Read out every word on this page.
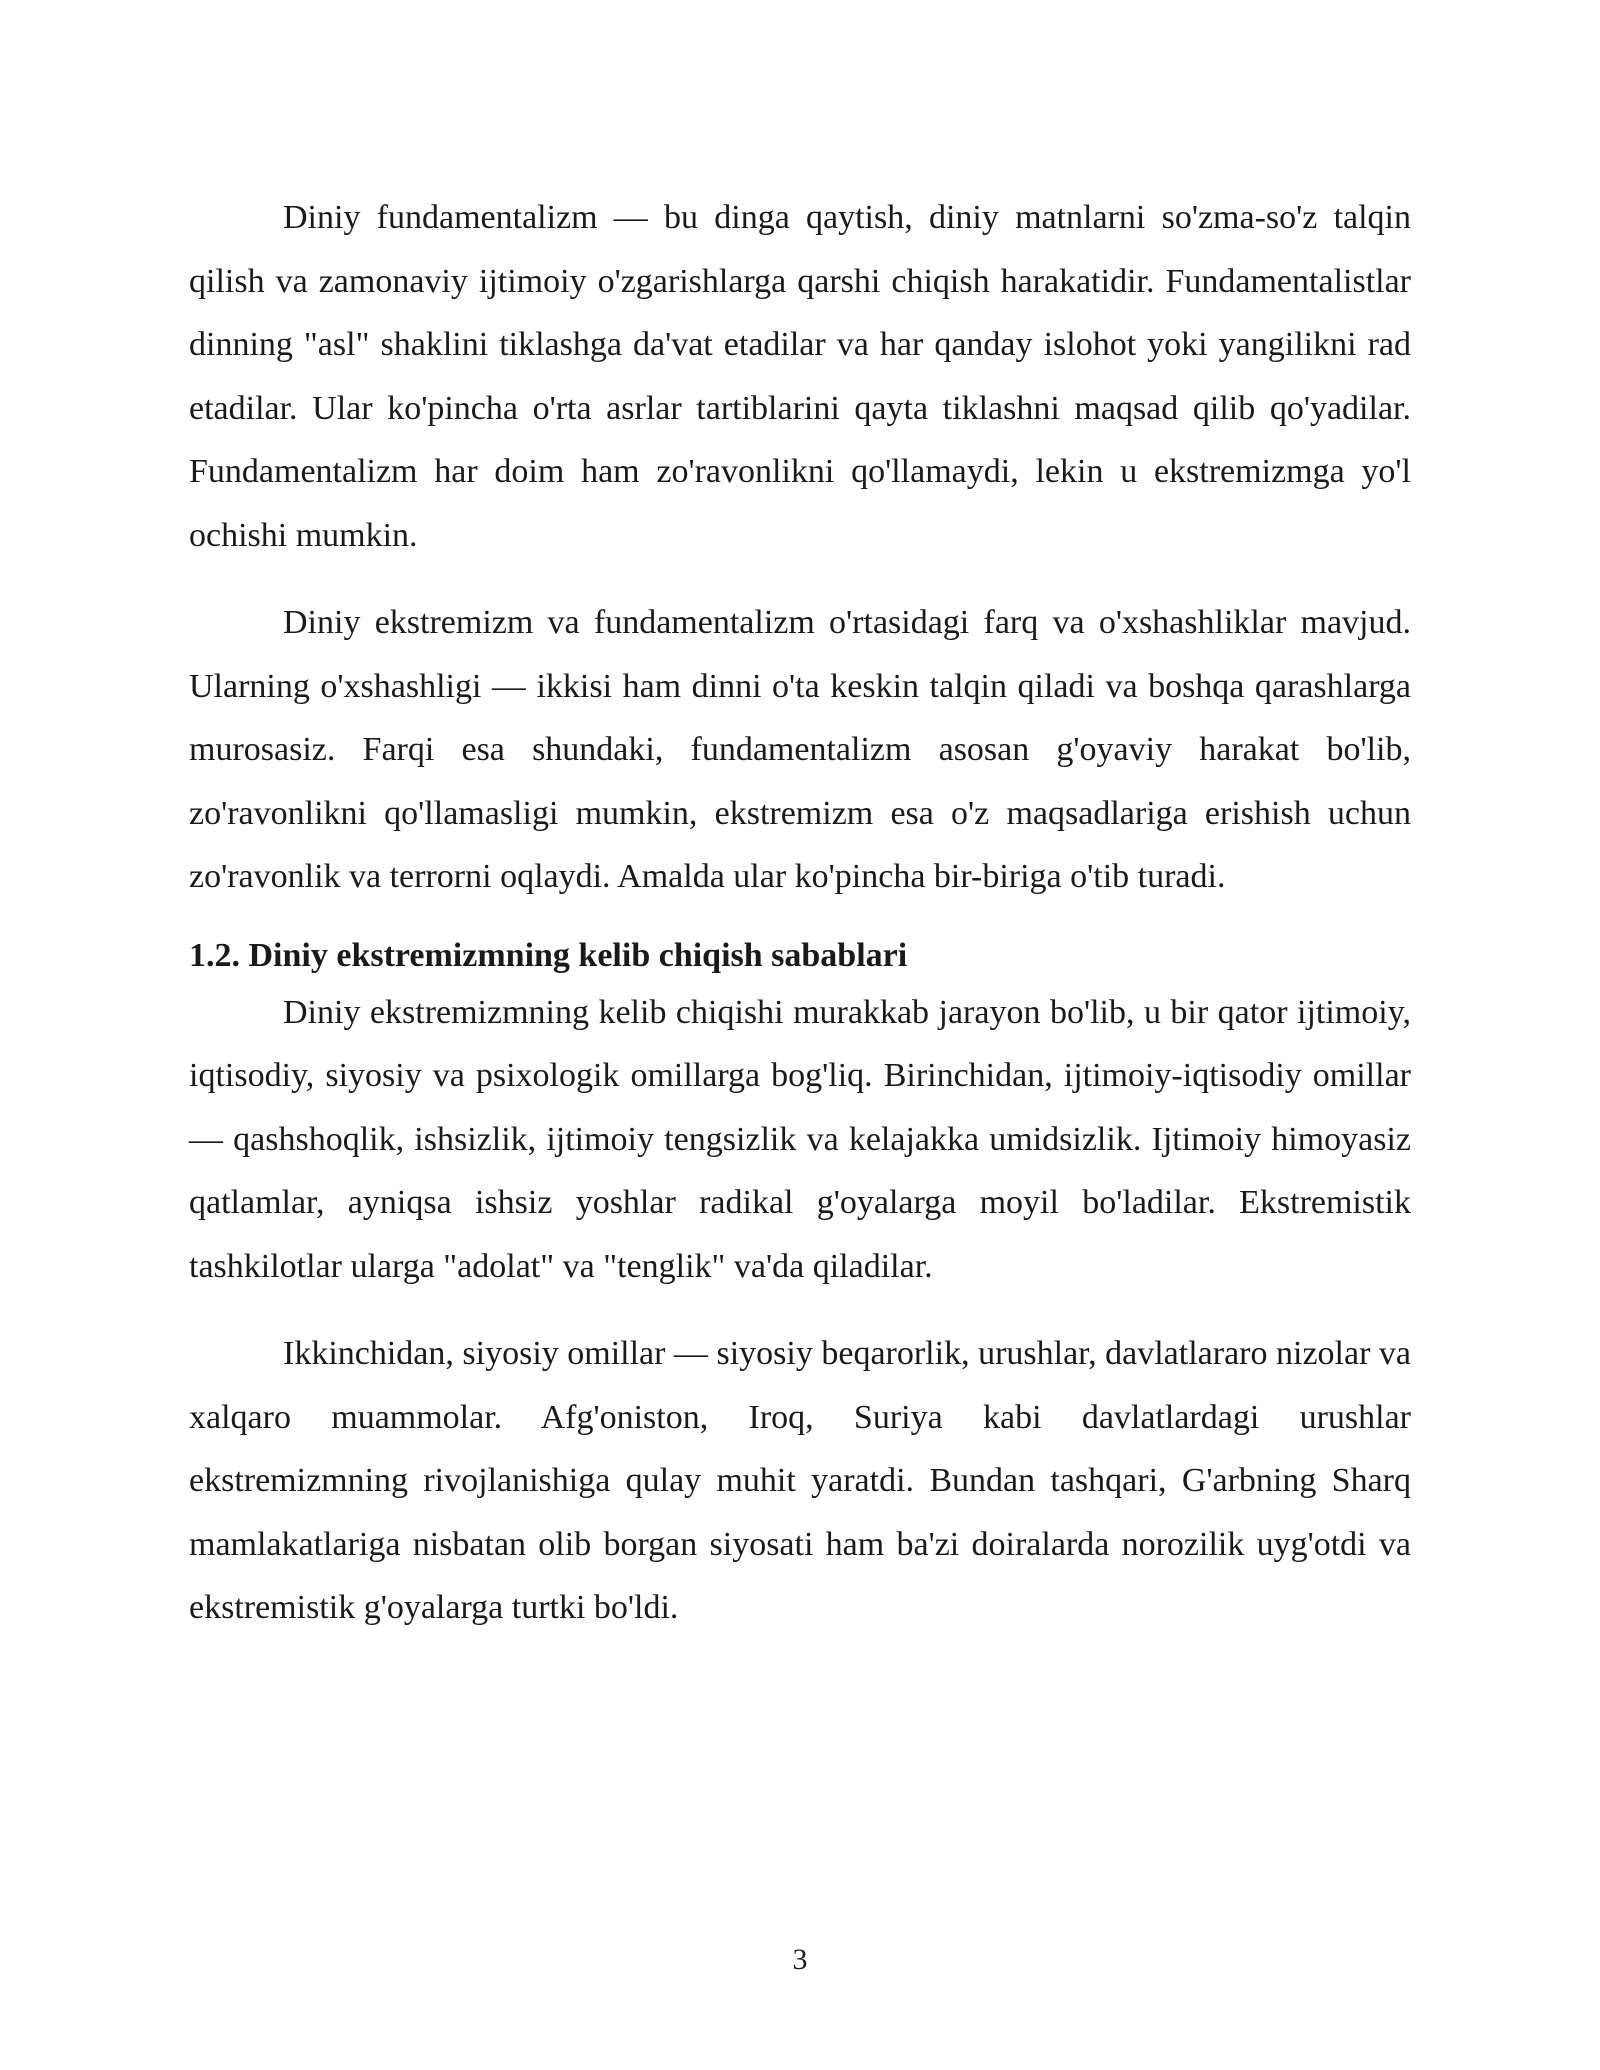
Diniy fundamentalizm — bu dinga qaytish, diniy matnlarni so'zma-so'z talqin qilish va zamonaviy ijtimoiy o'zgarishlarga qarshi chiqish harakatidir. Fundamentalistlar dinning "asl" shaklini tiklashga da'vat etadilar va har qanday islohot yoki yangilikni rad etadilar. Ular ko'pincha o'rta asrlar tartiblarini qayta tiklashni maqsad qilib qo'yadilar. Fundamentalizm har doim ham zo'ravonlikni qo'llamaydi, lekin u ekstremizmga yo'l ochishi mumkin.

Diniy ekstremizm va fundamentalizm o'rtasidagi farq va o'xshashliklar mavjud. Ularning o'xshashligi — ikkisi ham dinni o'ta keskin talqin qiladi va boshqa qarashlarga murosasiz. Farqi esa shundaki, fundamentalizm asosan g'oyaviy harakat bo'lib, zo'ravonlikni qo'llamasligi mumkin, ekstremizm esa o'z maqsadlariga erishish uchun zo'ravonlik va terrorni oqlaydi. Amalda ular ko'pincha bir-biriga o'tib turadi.

1.2. Diniy ekstremizmning kelib chiqish sabablari

Diniy ekstremizmning kelib chiqishi murakkab jarayon bo'lib, u bir qator ijtimoiy, iqtisodiy, siyosiy va psixologik omillarga bog'liq. Birinchidan, ijtimoiy-iqtisodiy omillar — qashshoqlik, ishsizlik, ijtimoiy tengsizlik va kelajakka umidsizlik. Ijtimoiy himoyasiz qatlamlar, ayniqsa ishsiz yoshlar radikal g'oyalarga moyil bo'ladilar. Ekstremistik tashkilotlar ularga "adolat" va "tenglik" va'da qiladilar.

Ikkinchidan, siyosiy omillar — siyosiy beqarorlik, urushlar, davlatlararo nizolar va xalqaro muammolar. Afg'oniston, Iroq, Suriya kabi davlatlardagi urushlar ekstremizmning rivojlanishiga qulay muhit yaratdi. Bundan tashqari, G'arbning Sharq mamlakatlariga nisbatan olib borgan siyosati ham ba'zi doiralarda norozilik uyg'otdi va ekstremistik g'oyalarga turtki bo'ldi.

3
